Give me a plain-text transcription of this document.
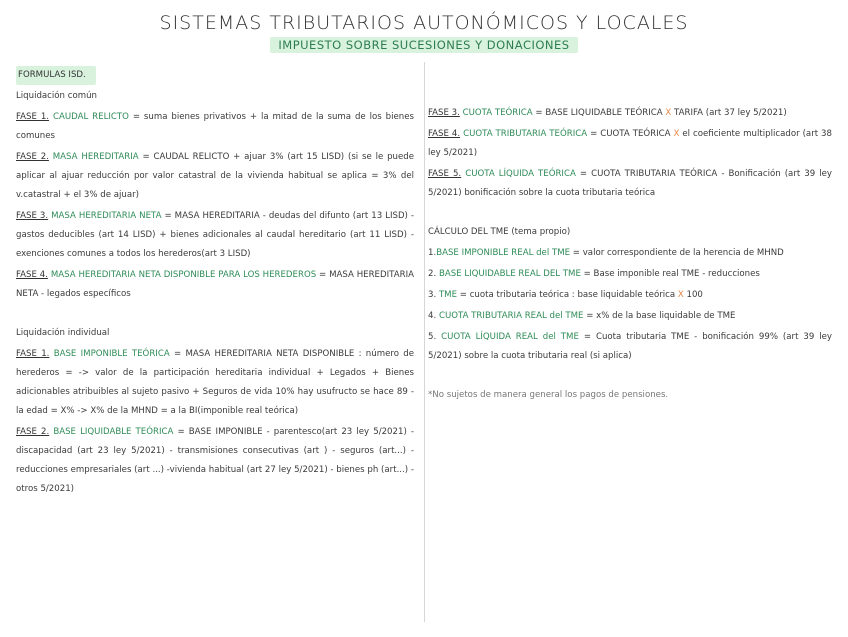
SISTEMAS TRIBUTARIOS AUTONÓMICOS Y LOCALES
IMPUESTO SOBRE SUCESIONES Y DONACIONES
FORMULAS ISD.

Liquidación común

FASE 1. CAUDAL RELICTO = suma bienes privativos + la mitad de la suma de los bienes comunes

FASE 2. MASA HEREDITARIA = CAUDAL RELICTO + ajuar 3% (art 15 LISD) (si se le puede aplicar al ajuar reducción por valor catastral de la vivienda habitual se aplica = 3% del v.catastral + el 3% de ajuar)

FASE 3. MASA HEREDITARIA NETA = MASA HEREDITARIA - deudas del difunto (art 13 LISD) - gastos deducibles (art 14 LISD) + bienes adicionales al caudal hereditario (art 11 LISD) - exenciones comunes a todos los herederos(art 3 LISD)

FASE 4. MASA HEREDITARIA NETA DISPONIBLE PARA LOS HEREDEROS = MASA HEREDITARIA NETA - legados específicos

Liquidación individual

FASE 1. BASE IMPONIBLE TEÓRICA = MASA HEREDITARIA NETA DISPONIBLE : número de herederos = -> valor de la participación hereditaria individual + Legados + Bienes adicionables atribuibles al sujeto pasivo + Seguros de vida 10% hay usufructo se hace 89 - la edad = X% -> X% de la MHND = a la BI(imponible real teórica)

FASE 2. BASE LIQUIDABLE TEÓRICA = BASE IMPONIBLE - parentesco(art 23 ley 5/2021) - discapacidad (art 23 ley 5/2021) - transmisiones consecutivas (art ) - seguros (art...) - reducciones empresariales (art ...) -vivienda habitual (art 27 ley 5/2021) - bienes ph (art...) - otros 5/2021)

FASE 3. CUOTA TEÓRICA = BASE LIQUIDABLE TEÓRICA X TARIFA (art 37 ley 5/2021)

FASE 4. CUOTA TRIBUTARIA TEÓRICA = CUOTA TEÓRICA X el coeficiente multiplicador (art 38 ley 5/2021)

FASE 5. CUOTA LÍQUIDA TEÓRICA = CUOTA TRIBUTARIA TEÓRICA - Bonificación (art 39 ley 5/2021) bonificación sobre la cuota tributaria teórica

CÁLCULO DEL TME (tema propio)

1.BASE IMPONIBLE REAL del TME = valor correspondiente de la herencia de MHND

2. BASE LIQUIDABLE REAL DEL TME = Base imponible real TME - reducciones

3. TME = cuota tributaria teórica : base liquidable teórica X 100

4. CUOTA TRIBUTARIA REAL del TME = x% de la base liquidable de TME

5. CUOTA LÍQUIDA REAL del TME = Cuota tributaria TME - bonificación 99% (art 39 ley 5/2021) sobre la cuota tributaria real (si aplica)

*No sujetos de manera general los pagos de pensiones.
